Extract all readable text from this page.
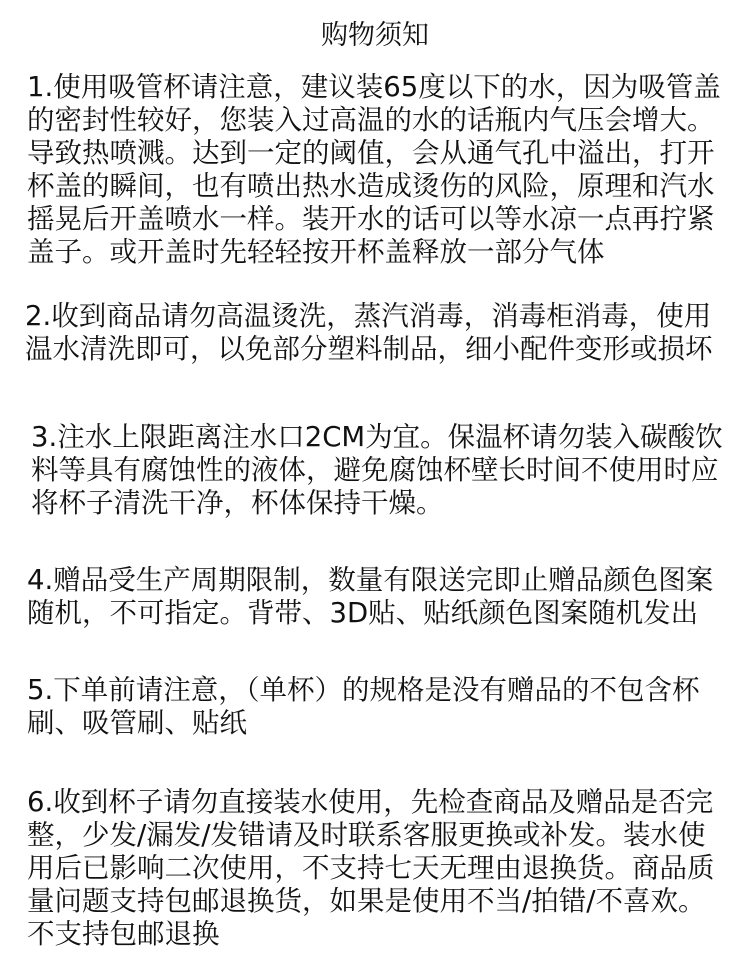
购物须知

1.使用吸管杯请注意，建议装65度以下的水，因为吸管盖
的密封性较好，您装入过高温的水的话瓶内气压会增大。
导致热喷溅。达到一定的阈值，会从通气孔中溢出，打开
杯盖的瞬间，也有喷出热水造成烫伤的风险，原理和汽水
摇晃后开盖喷水一样。装开水的话可以等水凉一点再拧紧
盖子。或开盖时先轻轻按开杯盖释放一部分气体

2.收到商品请勿高温烫洗，蒸汽消毒，消毒柜消毒，使用
温水清洗即可，以免部分塑料制品，细小配件变形或损坏

3.注水上限距离注水口2CM为宜。保温杯请勿装入碳酸饮
料等具有腐蚀性的液体，避免腐蚀杯壁长时间不使用时应
将杯子清洗干净，杯体保持干燥。

4.赠品受生产周期限制，数量有限送完即止赠品颜色图案
随机，不可指定。背带、3D贴、贴纸颜色图案随机发出

5.下单前请注意，（单杯）的规格是没有赠品的不包含杯
刷、吸管刷、贴纸

6.收到杯子请勿直接装水使用，先检查商品及赠品是否完
整，少发/漏发/发错请及时联系客服更换或补发。装水使
用后已影响二次使用，不支持七天无理由退换货。商品质
量问题支持包邮退换货，如果是使用不当/拍错/不喜欢。
不支持包邮退换
